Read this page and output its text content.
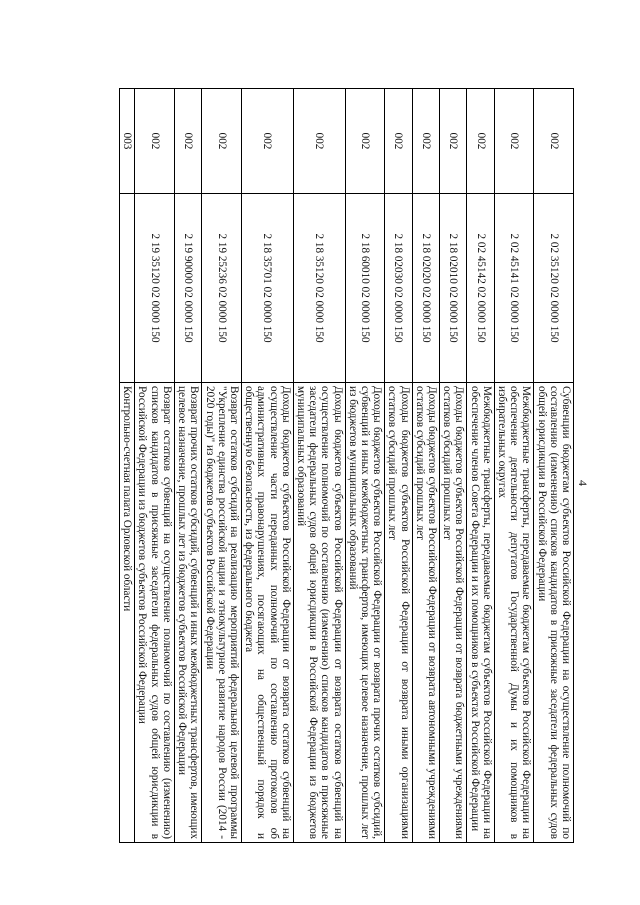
4
002	2 02 35120 02 0000 150	Субвенции бюджетам субъектов Российской Федерации на осуществление полномочий по составлению (изменению) списков кандидатов в присяжные заседатели федеральных судов общей юрисдикции в Российской Федерации
002	2 02 45141 02 0000 150	Межбюджетные трансферты, передаваемые бюджетам субъектов Российской Федерации на обеспечение деятельности депутатов Государственной Думы и их помощников в избирательных округах
002	2 02 45142 02 0000 150	Межбюджетные трансферты, передаваемые бюджетам субъектов Российской Федерации на обеспечение членов Совета Федерации и их помощников в субъектах Российской Федерации
002	2 18 02010 02 0000 150	Доходы бюджетов субъектов Российской Федерации от возврата бюджетными учреждениями остатков субсидий прошлых лет
002	2 18 02020 02 0000 150	Доходы бюджетов субъектов Российской Федерации от возврата автономными учреждениями остатков субсидий прошлых лет
002	2 18 02030 02 0000 150	Доходы бюджетов субъектов Российской Федерации от возврата иными организациями остатков субсидий прошлых лет
002	2 18 60010 02 0000 150	Доходы бюджетов субъектов Российской Федерации от возврата прочих остатков субсидий, субвенций и иных межбюджетных трансфертов, имеющих целевое назначение, прошлых лет из бюджетов муниципальных образований
002	2 18 35120 02 0000 150	Доходы бюджетов субъектов Российской Федерации от возврата остатков субвенций на осуществление полномочий по составлению (изменению) списков кандидатов в присяжные заседатели федеральных судов общей юрисдикции в Российской Федерации из бюджетов муниципальных образований
002	2 18 35701 02 0000 150	Доходы бюджетов субъектов Российской Федерации от возврата остатков субвенций на осуществление части переданных полномочий по составлению протоколов об административных правонарушениях, посягающих на общественный порядок и общественную безопасность, из федерального бюджета
002	2 19 25236 02 0000 150	Возврат остатков субсидий на реализацию мероприятий федеральной целевой программы "Укрепление единства российской нации и этнокультурное развитие народов России (2014 - 2020 годы)" из бюджетов субъектов Российской Федерации
002	2 19 90000 02 0000 150	Возврат прочих остатков субсидий, субвенций и иных межбюджетных трансфертов, имеющих целевое назначение, прошлых лет из бюджетов субъектов Российской Федерации
002	2 19 35120 02 0000 150	Возврат остатков субвенций на осуществление полномочий по составлению (изменению) списков кандидатов в присяжные заседатели федеральных судов общей юрисдикции в Российской Федерации из бюджетов субъектов Российской Федерации
003		Контрольно-счетная палата Орловской области
